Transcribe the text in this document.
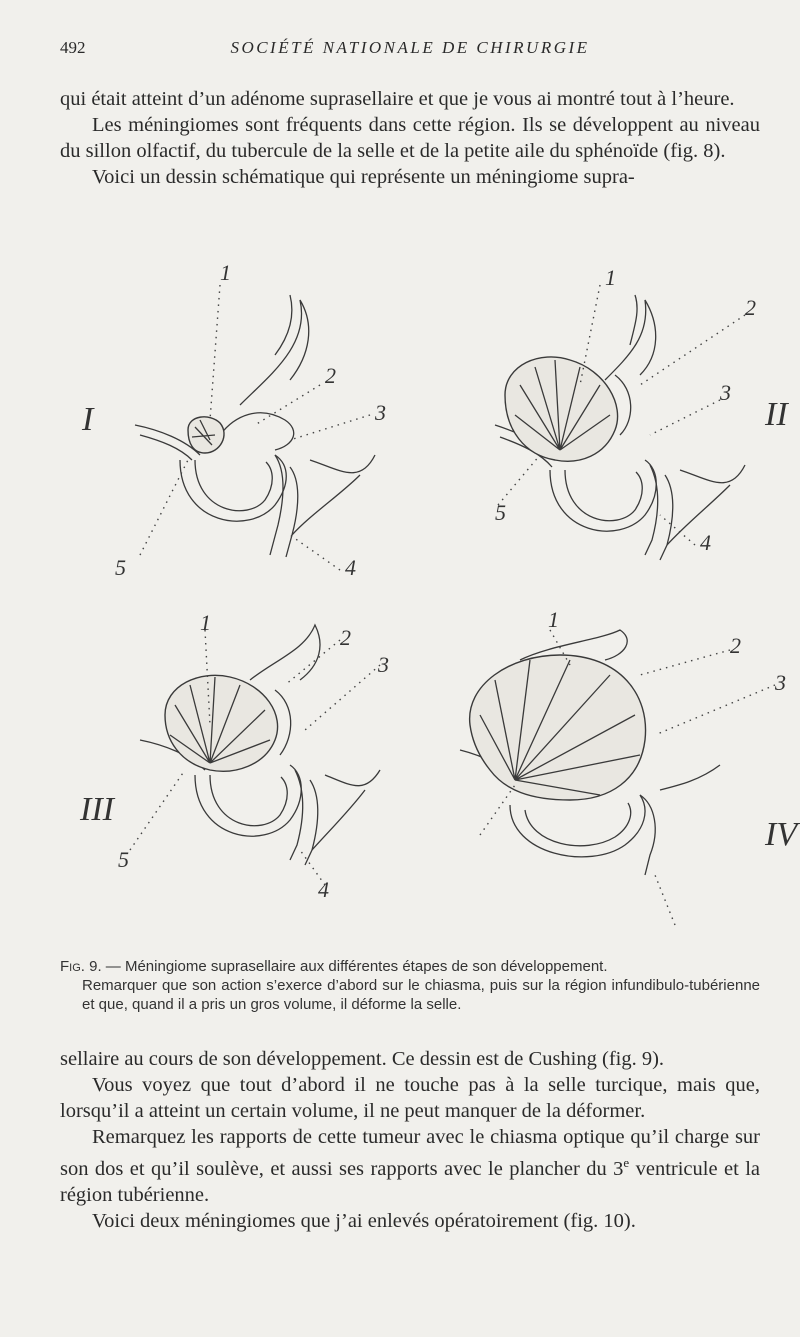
492	SOCIÉTÉ NATIONALE DE CHIRURGIE

qui était atteint d’un adénome suprasellaire et que je vous ai montré tout à l’heure.

Les méningiomes sont fréquents dans cette région. Ils se développent au niveau du sillon olfactif, du tubercule de la selle et de la petite aile du sphénoïde (fig. 8).

Voici un dessin schématique qui représente un méningiome supra-

I
1
2
3
4
5
II
1
2
3
4
5
III
1
2
3
4
5
IV
1
2
3
Fig. 9. — Méningiome suprasellaire aux différentes étapes de son développement.
Remarquer que son action s’exerce d’abord sur le chiasma, puis sur la région infundibulo-tubérienne et que, quand il a pris un gros volume, il déforme la selle.

sellaire au cours de son développement. Ce dessin est de Cushing (fig. 9).

Vous voyez que tout d’abord il ne touche pas à la selle turcique, mais que, lorsqu’il a atteint un certain volume, il ne peut manquer de la déformer.

Remarquez les rapports de cette tumeur avec le chiasma optique qu’il charge sur son dos et qu’il soulève, et aussi ses rapports avec le plancher du 3e ventricule et la région tubérienne.

Voici deux méningiomes que j’ai enlevés opératoirement (fig. 10).
